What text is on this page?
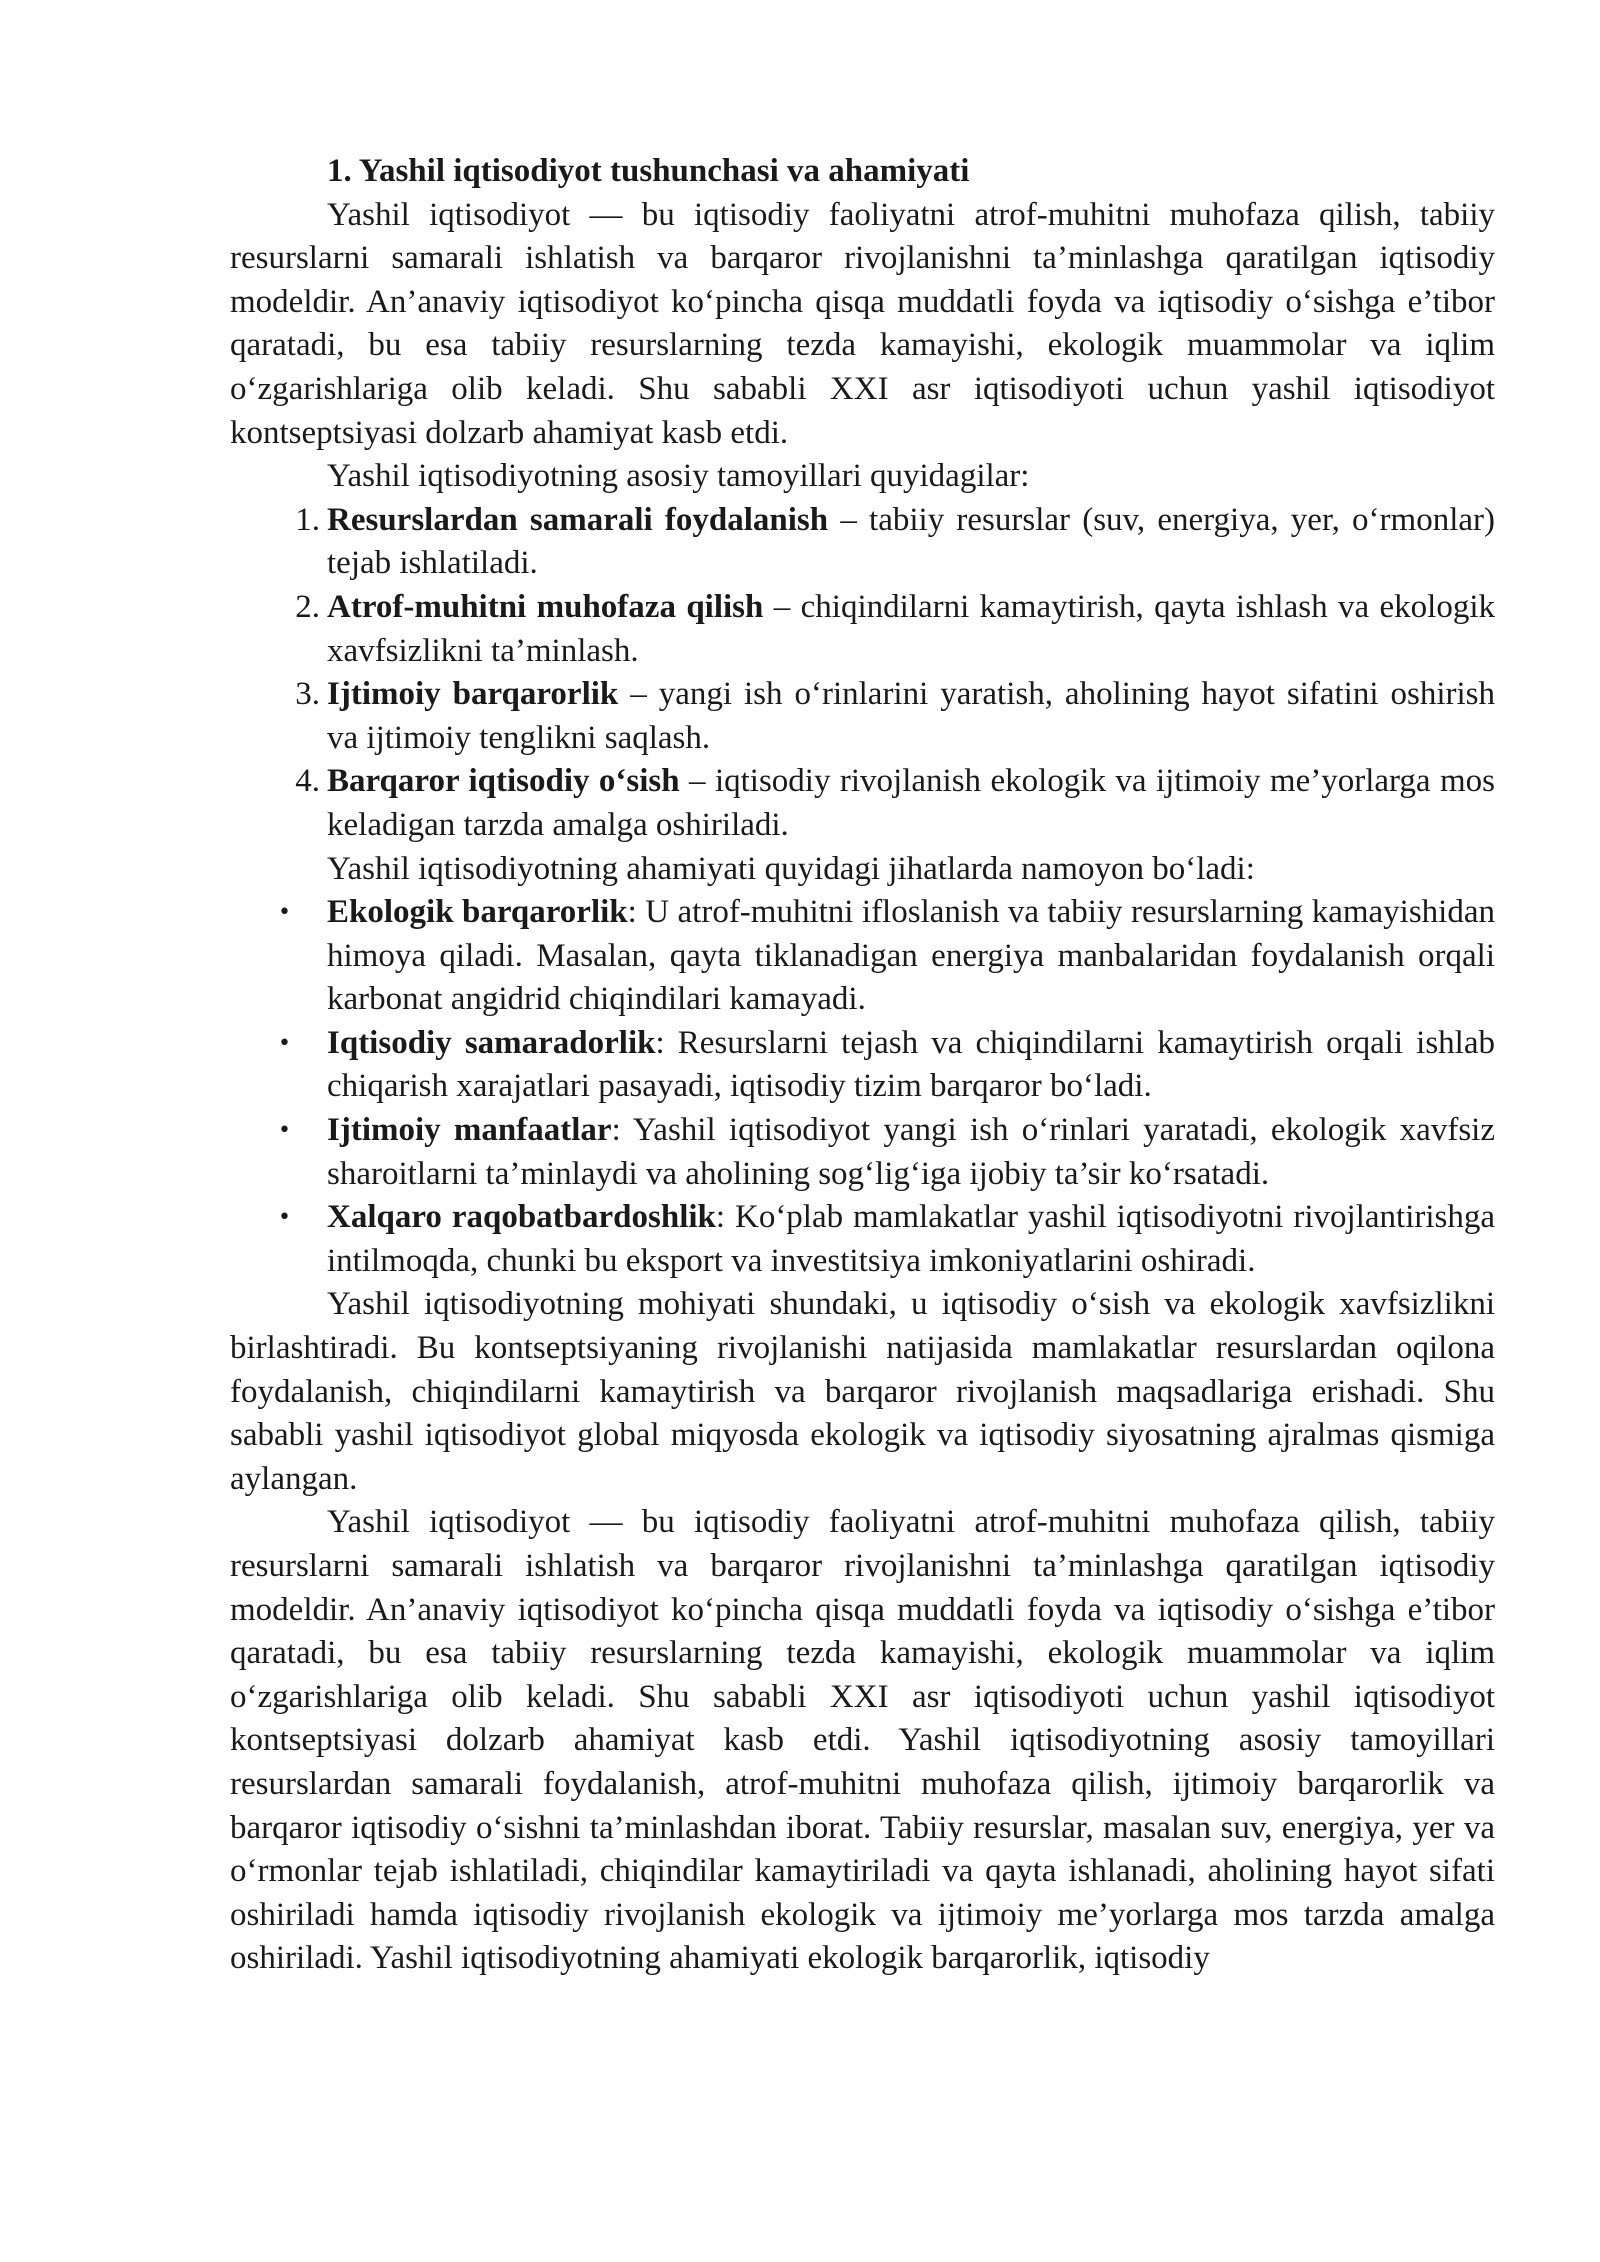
1. Yashil iqtisodiyot tushunchasi va ahamiyati

Yashil iqtisodiyot — bu iqtisodiy faoliyatni atrof-muhitni muhofaza qilish, tabiiy resurslarni samarali ishlatish va barqaror rivojlanishni ta’minlashga qaratilgan iqtisodiy modeldir. An’anaviy iqtisodiyot ko‘pincha qisqa muddatli foyda va iqtisodiy o‘sishga e’tibor qaratadi, bu esa tabiiy resurslarning tezda kamayishi, ekologik muammolar va iqlim o‘zgarishlariga olib keladi. Shu sababli XXI asr iqtisodiyoti uchun yashil iqtisodiyot kontseptsiyasi dolzarb ahamiyat kasb etdi.

Yashil iqtisodiyotning asosiy tamoyillari quyidagilar:

1. Resurslardan samarali foydalanish – tabiiy resurslar (suv, energiya, yer, o‘rmonlar) tejab ishlatiladi.
2. Atrof-muhitni muhofaza qilish – chiqindilarni kamaytirish, qayta ishlash va ekologik xavfsizlikni ta’minlash.
3. Ijtimoiy barqarorlik – yangi ish o‘rinlarini yaratish, aholining hayot sifatini oshirish va ijtimoiy tenglikni saqlash.
4. Barqaror iqtisodiy o‘sish – iqtisodiy rivojlanish ekologik va ijtimoiy me’yorlarga mos keladigan tarzda amalga oshiriladi.

Yashil iqtisodiyotning ahamiyati quyidagi jihatlarda namoyon bo‘ladi:

• Ekologik barqarorlik: U atrof-muhitni ifloslanish va tabiiy resurslarning kamayishidan himoya qiladi. Masalan, qayta tiklanadigan energiya manbalaridan foydalanish orqali karbonat angidrid chiqindilari kamayadi.
• Iqtisodiy samaradorlik: Resurslarni tejash va chiqindilarni kamaytirish orqali ishlab chiqarish xarajatlari pasayadi, iqtisodiy tizim barqaror bo‘ladi.
• Ijtimoiy manfaatlar: Yashil iqtisodiyot yangi ish o‘rinlari yaratadi, ekologik xavfsiz sharoitlarni ta’minlaydi va aholining sog‘lig‘iga ijobiy ta’sir ko‘rsatadi.
• Xalqaro raqobatbardoshlik: Ko‘plab mamlakatlar yashil iqtisodiyotni rivojlantirishga intilmoqda, chunki bu eksport va investitsiya imkoniyatlarini oshiradi.

Yashil iqtisodiyotning mohiyati shundaki, u iqtisodiy o‘sish va ekologik xavfsizlikni birlashtiradi. Bu kontseptsiyaning rivojlanishi natijasida mamlakatlar resurslardan oqilona foydalanish, chiqindilarni kamaytirish va barqaror rivojlanish maqsadlariga erishadi. Shu sababli yashil iqtisodiyot global miqyosda ekologik va iqtisodiy siyosatning ajralmas qismiga aylangan.

Yashil iqtisodiyot — bu iqtisodiy faoliyatni atrof-muhitni muhofaza qilish, tabiiy resurslarni samarali ishlatish va barqaror rivojlanishni ta’minlashga qaratilgan iqtisodiy modeldir. An’anaviy iqtisodiyot ko‘pincha qisqa muddatli foyda va iqtisodiy o‘sishga e’tibor qaratadi, bu esa tabiiy resurslarning tezda kamayishi, ekologik muammolar va iqlim o‘zgarishlariga olib keladi. Shu sababli XXI asr iqtisodiyoti uchun yashil iqtisodiyot kontseptsiyasi dolzarb ahamiyat kasb etdi. Yashil iqtisodiyotning asosiy tamoyillari resurslardan samarali foydalanish, atrof-muhitni muhofaza qilish, ijtimoiy barqarorlik va barqaror iqtisodiy o‘sishni ta’minlashdan iborat. Tabiiy resurslar, masalan suv, energiya, yer va o‘rmonlar tejab ishlatiladi, chiqindilar kamaytiriladi va qayta ishlanadi, aholining hayot sifati oshiriladi hamda iqtisodiy rivojlanish ekologik va ijtimoiy me’yorlarga mos tarzda amalga oshiriladi. Yashil iqtisodiyotning ahamiyati ekologik barqarorlik, iqtisodiy
